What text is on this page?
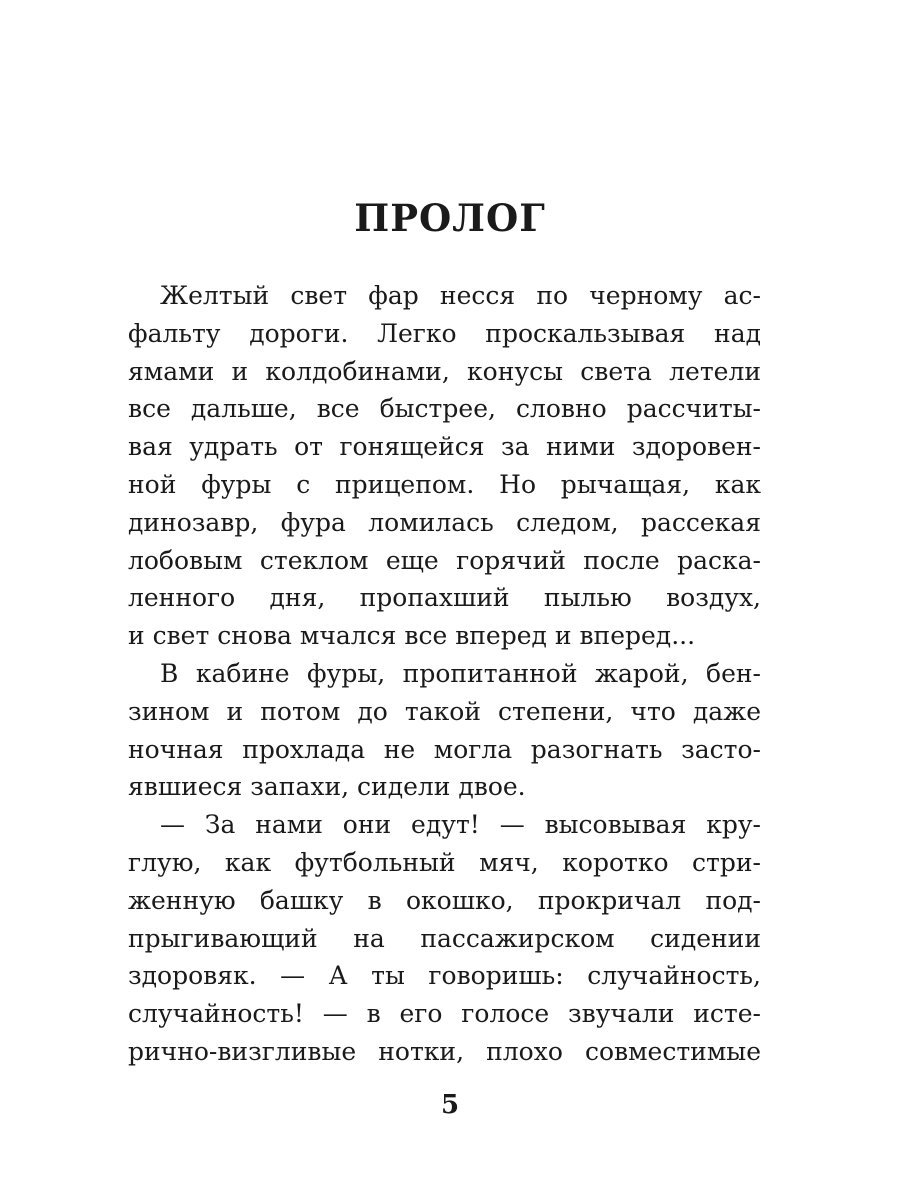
ПРОЛОГ
Желтый свет фар несся по черному ас-
фальту дороги. Легко проскальзывая над
ямами и колдобинами, конусы света летели
все дальше, все быстрее, словно рассчиты-
вая удрать от гонящейся за ними здоровен-
ной фуры с прицепом. Но рычащая, как
динозавр, фура ломилась следом, рассекая
лобовым стеклом еще горячий после раска-
ленного дня, пропахший пылью воздух,
и свет снова мчался все вперед и вперед...
В кабине фуры, пропитанной жарой, бен-
зином и потом до такой степени, что даже
ночная прохлада не могла разогнать засто-
явшиеся запахи, сидели двое.
— За нами они едут! — высовывая кру-
глую, как футбольный мяч, коротко стри-
женную башку в окошко, прокричал под-
прыгивающий на пассажирском сидении
здоровяк. — А ты говоришь: случайность,
случайность! — в его голосе звучали исте-
рично-визгливые нотки, плохо совместимые
5
